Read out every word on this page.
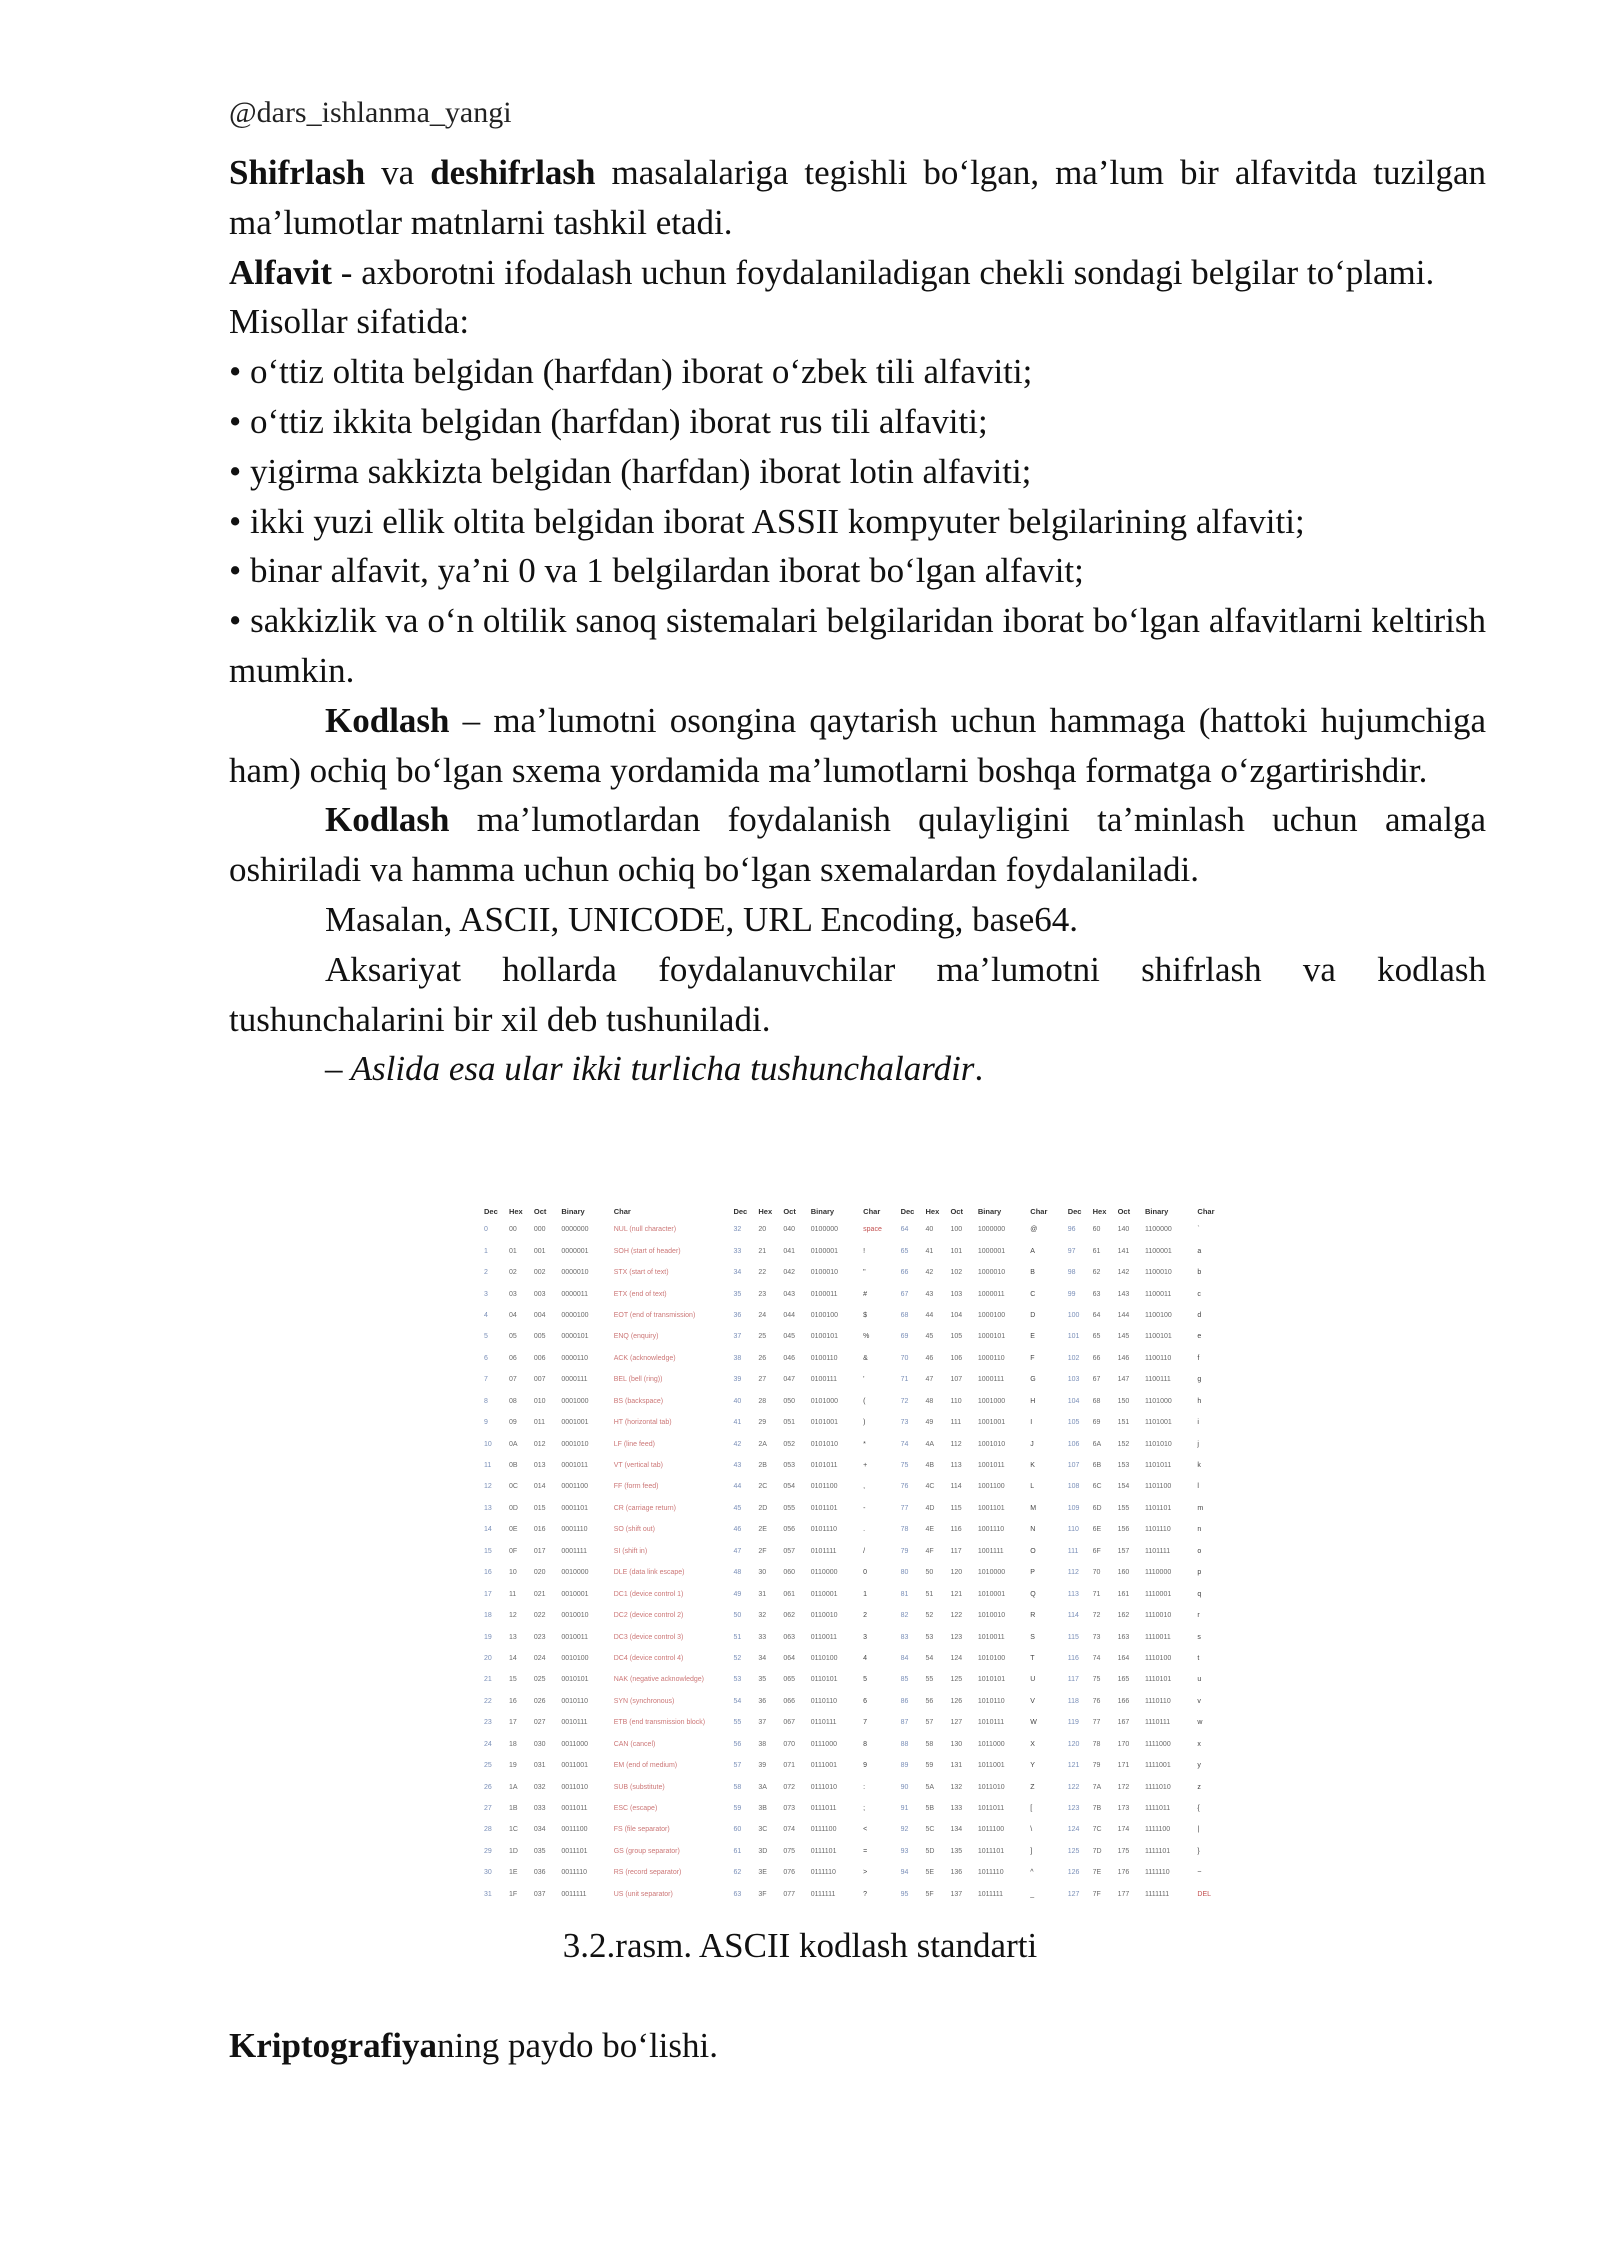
@dars_ishlanma_yangi

Shifrlash va deshifrlash masalalariga tegishli bo‘lgan, ma’lum bir alfavitda tuzilgan ma’lumotlar matnlarni tashkil etadi.

Alfavit - axborotni ifodalash uchun foydalaniladigan chekli sondagi belgilar to‘plami.

Misollar sifatida:

• o‘ttiz oltita belgidan (harfdan) iborat o‘zbek tili alfaviti;

• o‘ttiz ikkita belgidan (harfdan) iborat rus tili alfaviti;

• yigirma sakkizta belgidan (harfdan) iborat lotin alfaviti;

• ikki yuzi ellik oltita belgidan iborat ASSII kompyuter belgilarining alfaviti;

• binar alfavit, ya’ni 0 va 1 belgilardan iborat bo‘lgan alfavit;

• sakkizlik va o‘n oltilik sanoq sistemalari belgilaridan iborat bo‘lgan alfavitlarni keltirish mumkin.

Kodlash – ma’lumotni osongina qaytarish uchun hammaga (hattoki hujumchiga ham) ochiq bo‘lgan sxema yordamida ma’lumotlarni boshqa formatga o‘zgartirishdir.

Kodlash ma’lumotlardan foydalanish qulayligini ta’minlash uchun amalga oshiriladi va hamma uchun ochiq bo‘lgan sxemalardan foydalaniladi.

Masalan, ASCII, UNICODE, URL Encoding, base64.

Aksariyat hollarda foydalanuvchilar ma’lumotni shifrlash va kodlash tushunchalarini bir xil deb tushuniladi.

– Aslida esa ular ikki turlicha tushunchalardir.

Dec	Hex	Oct	Binary	Char	Dec	Hex	Oct	Binary	Char	Dec	Hex	Oct	Binary	Char	Dec	Hex	Oct	Binary	Char
0	00	000	0000000	NUL (null character)	32	20	040	0100000	space	64	40	100	1000000	@	96	60	140	1100000	`
1	01	001	0000001	SOH (start of header)	33	21	041	0100001	!	65	41	101	1000001	A	97	61	141	1100001	a
2	02	002	0000010	STX (start of text)	34	22	042	0100010	"	66	42	102	1000010	B	98	62	142	1100010	b
3	03	003	0000011	ETX (end of text)	35	23	043	0100011	#	67	43	103	1000011	C	99	63	143	1100011	c
4	04	004	0000100	EOT (end of transmission)	36	24	044	0100100	$	68	44	104	1000100	D	100	64	144	1100100	d
5	05	005	0000101	ENQ (enquiry)	37	25	045	0100101	%	69	45	105	1000101	E	101	65	145	1100101	e
6	06	006	0000110	ACK (acknowledge)	38	26	046	0100110	&	70	46	106	1000110	F	102	66	146	1100110	f
7	07	007	0000111	BEL (bell (ring))	39	27	047	0100111	'	71	47	107	1000111	G	103	67	147	1100111	g
8	08	010	0001000	BS (backspace)	40	28	050	0101000	(	72	48	110	1001000	H	104	68	150	1101000	h
9	09	011	0001001	HT (horizontal tab)	41	29	051	0101001	)	73	49	111	1001001	I	105	69	151	1101001	i
10	0A	012	0001010	LF (line feed)	42	2A	052	0101010	*	74	4A	112	1001010	J	106	6A	152	1101010	j
11	0B	013	0001011	VT (vertical tab)	43	2B	053	0101011	+	75	4B	113	1001011	K	107	6B	153	1101011	k
12	0C	014	0001100	FF (form feed)	44	2C	054	0101100	,	76	4C	114	1001100	L	108	6C	154	1101100	l
13	0D	015	0001101	CR (carriage return)	45	2D	055	0101101	-	77	4D	115	1001101	M	109	6D	155	1101101	m
14	0E	016	0001110	SO (shift out)	46	2E	056	0101110	.	78	4E	116	1001110	N	110	6E	156	1101110	n
15	0F	017	0001111	SI (shift in)	47	2F	057	0101111	/	79	4F	117	1001111	O	111	6F	157	1101111	o
16	10	020	0010000	DLE (data link escape)	48	30	060	0110000	0	80	50	120	1010000	P	112	70	160	1110000	p
17	11	021	0010001	DC1 (device control 1)	49	31	061	0110001	1	81	51	121	1010001	Q	113	71	161	1110001	q
18	12	022	0010010	DC2 (device control 2)	50	32	062	0110010	2	82	52	122	1010010	R	114	72	162	1110010	r
19	13	023	0010011	DC3 (device control 3)	51	33	063	0110011	3	83	53	123	1010011	S	115	73	163	1110011	s
20	14	024	0010100	DC4 (device control 4)	52	34	064	0110100	4	84	54	124	1010100	T	116	74	164	1110100	t
21	15	025	0010101	NAK (negative acknowledge)	53	35	065	0110101	5	85	55	125	1010101	U	117	75	165	1110101	u
22	16	026	0010110	SYN (synchronous)	54	36	066	0110110	6	86	56	126	1010110	V	118	76	166	1110110	v
23	17	027	0010111	ETB (end transmission block)	55	37	067	0110111	7	87	57	127	1010111	W	119	77	167	1110111	w
24	18	030	0011000	CAN (cancel)	56	38	070	0111000	8	88	58	130	1011000	X	120	78	170	1111000	x
25	19	031	0011001	EM (end of medium)	57	39	071	0111001	9	89	59	131	1011001	Y	121	79	171	1111001	y
26	1A	032	0011010	SUB (substitute)	58	3A	072	0111010	:	90	5A	132	1011010	Z	122	7A	172	1111010	z
27	1B	033	0011011	ESC (escape)	59	3B	073	0111011	;	91	5B	133	1011011	[	123	7B	173	1111011	{
28	1C	034	0011100	FS (file separator)	60	3C	074	0111100	<	92	5C	134	1011100	\	124	7C	174	1111100	|
29	1D	035	0011101	GS (group separator)	61	3D	075	0111101	=	93	5D	135	1011101	]	125	7D	175	1111101	}
30	1E	036	0011110	RS (record separator)	62	3E	076	0111110	>	94	5E	136	1011110	^	126	7E	176	1111110	~
31	1F	037	0011111	US (unit separator)	63	3F	077	0111111	?	95	5F	137	1011111	_	127	7F	177	1111111	DEL
3.2.rasm. ASCII kodlash standarti
Kriptografiyaning paydo bo‘lishi.
